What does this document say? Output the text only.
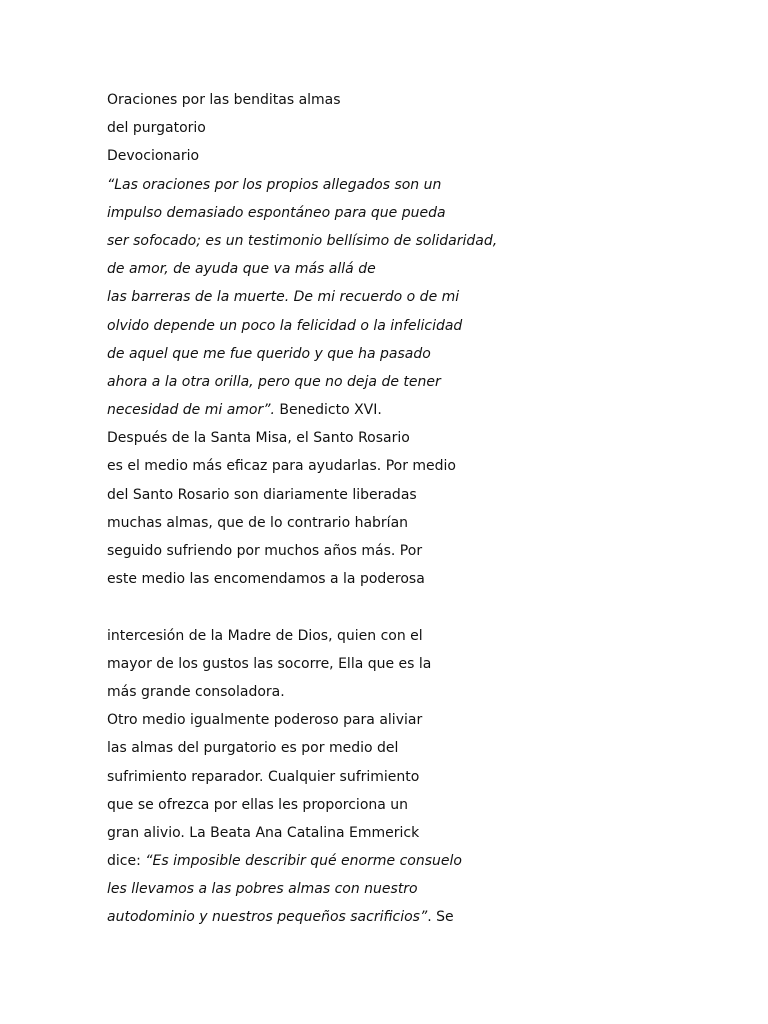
Oraciones por las benditas almas
del purgatorio
Devocionario
“Las oraciones por los propios allegados son un
impulso demasiado espontáneo para que pueda
ser sofocado; es un testimonio bellísimo de solidaridad,
de amor, de ayuda que va más allá de
las barreras de la muerte. De mi recuerdo o de mi
olvido depende un poco la felicidad o la infelicidad
de aquel que me fue querido y que ha pasado
ahora a la otra orilla, pero que no deja de tener
necesidad de mi amor”. Benedicto XVI.
Después de la Santa Misa, el Santo Rosario
es el medio más eficaz para ayudarlas. Por medio
del Santo Rosario son diariamente liberadas
muchas almas, que de lo contrario habrían
seguido sufriendo por muchos años más. Por
este medio las encomendamos a la poderosa
intercesión de la Madre de Dios, quien con el
mayor de los gustos las socorre, Ella que es la
más grande consoladora.
Otro medio igualmente poderoso para aliviar
las almas del purgatorio es por medio del
sufrimiento reparador. Cualquier sufrimiento
que se ofrezca por ellas les proporciona un
gran alivio. La Beata Ana Catalina Emmerick
dice: “Es imposible describir qué enorme consuelo
les llevamos a las pobres almas con nuestro
autodominio y nuestros pequeños sacrificios”. Se
